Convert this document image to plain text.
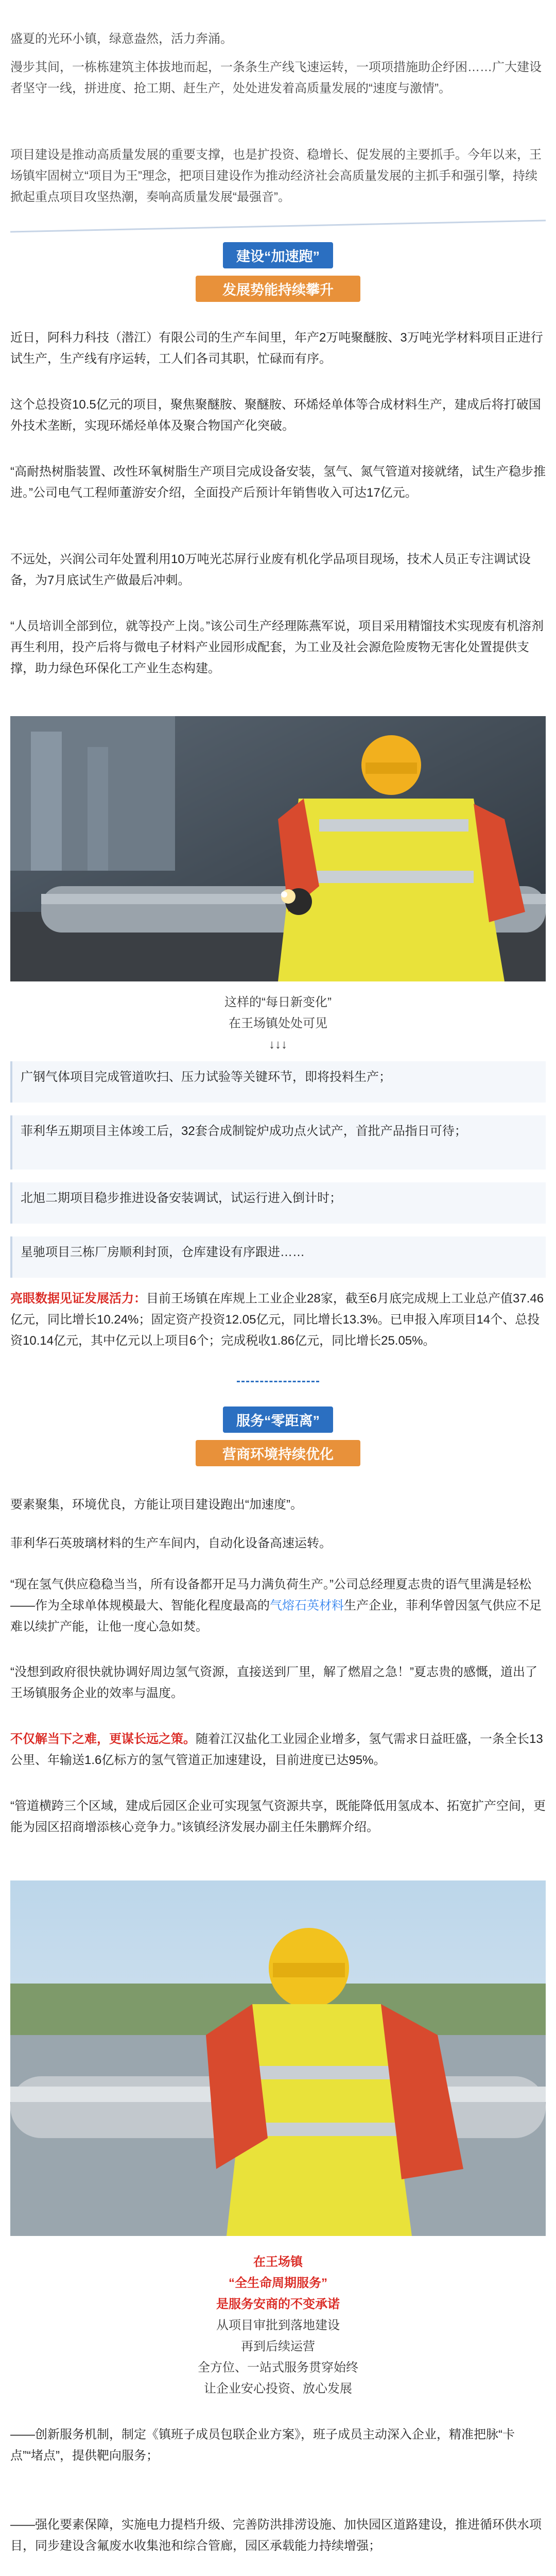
盛夏的光环小镇，绿意盎然，活力奔涌。

漫步其间，一栋栋建筑主体拔地而起，一条条生产线飞速运转，一项项措施助企纾困……广大建设者坚守一线，拼进度、抢工期、赶生产，处处进发着高质量发展的“速度与激情”。

项目建设是推动高质量发展的重要支撑，也是扩投资、稳增长、促发展的主要抓手。今年以来，王场镇牢固树立“项目为王”理念，把项目建设作为推动经济社会高质量发展的主抓手和强引擎，持续掀起重点项目攻坚热潮，奏响高质量发展“最强音”。

建设“加速跑”
发展势能持续攀升

近日，阿科力科技（潜江）有限公司的生产车间里，年产2万吨聚醚胺、3万吨光学材料项目正进行试生产，生产线有序运转，工人们各司其职，忙碌而有序。

这个总投资10.5亿元的项目，聚焦聚醚胺、聚醚胺、环烯烃单体等合成材料生产，建成后将打破国外技术垄断，实现环烯烃单体及聚合物国产化突破。

“高耐热树脂装置、改性环氧树脂生产项目完成设备安装，氢气、氮气管道对接就绪，试生产稳步推进。”公司电气工程师董游安介绍，全面投产后预计年销售收入可达17亿元。

不远处，兴润公司年处置利用10万吨光芯屏行业废有机化学品项目现场，技术人员正专注调试设备，为7月底试生产做最后冲刺。

“人员培训全部到位，就等投产上岗。”该公司生产经理陈燕军说，项目采用精馏技术实现废有机溶剂再生利用，投产后将与微电子材料产业园形成配套，为工业及社会源危险废物无害化处置提供支撑，助力绿色环保化工产业生态构建。

这样的“每日新变化”
在王场镇处处可见
↓↓↓
广钢气体项目完成管道吹扫、压力试验等关键环节，即将投料生产；
菲利华五期项目主体竣工后，32套合成制锭炉成功点火试产，首批产品指日可待；
北旭二期项目稳步推进设备安装调试，试运行进入倒计时；
星驰项目三栋厂房顺利封顶，仓库建设有序跟进……

亮眼数据见证发展活力：目前王场镇在库规上工业企业28家，截至6月底完成规上工业总产值37.46亿元，同比增长10.24%；固定资产投资12.05亿元，同比增长13.3%。已申报入库项目14个、总投资10.14亿元，其中亿元以上项目6个；完成税收1.86亿元，同比增长25.05%。

服务“零距离”
营商环境持续优化

要素聚集，环境优良，方能让项目建设跑出“加速度”。

菲利华石英玻璃材料的生产车间内，自动化设备高速运转。

“现在氢气供应稳稳当当，所有设备都开足马力满负荷生产。”公司总经理夏志贵的语气里满是轻松——作为全球单体规模最大、智能化程度最高的气熔石英材料生产企业，菲利华曾因氢气供应不足难以续扩产能，让他一度心急如焚。

“没想到政府很快就协调好周边氢气资源，直接送到厂里，解了燃眉之急！”夏志贵的感慨，道出了王场镇服务企业的效率与温度。

不仅解当下之难，更谋长远之策。随着江汉盐化工业园企业增多，氢气需求日益旺盛，一条全长13公里、年输送1.6亿标方的氢气管道正加速建设，目前进度已达95%。

“管道横跨三个区域，建成后园区企业可实现氢气资源共享，既能降低用氢成本、拓宽扩产空间，更能为园区招商增添核心竞争力。”该镇经济发展办副主任朱鹏辉介绍。

在王场镇
“全生命周期服务”
是服务安商的不变承诺
从项目审批到落地建设
再到后续运营
全方位、一站式服务贯穿始终
让企业安心投资、放心发展

——创新服务机制，制定《镇班子成员包联企业方案》，班子成员主动深入企业，精准把脉“卡点”“堵点”，提供靶向服务；

——强化要素保障，实施电力提档升级、完善防洪排涝设施、加快园区道路建设，推进循环供水项目，同步建设含氟废水收集池和综合管廊，园区承载能力持续增强；
